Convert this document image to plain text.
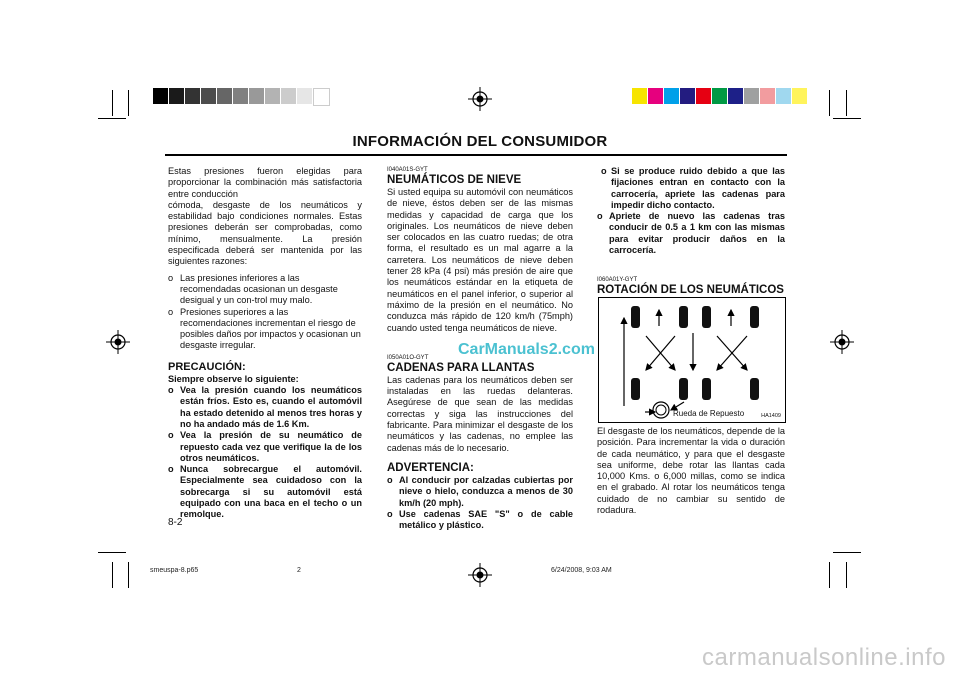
INFORMACIÓN DEL CONSUMIDOR

Estas presiones fueron elegidas para proporcionar la combinación más satisfactoria entre conducción
cómoda, desgaste de los neumáticos y estabilidad bajo condiciones normales. Estas presiones deberán ser comprobadas, como mínimo, mensualmente. La presión especificada deberá ser mantenida por las siguientes razones:

o Las presiones inferiores a las recomendadas ocasionan un desgaste desigual y un con-trol muy malo.
o Presiones superiores a las recomendaciones incrementan el riesgo de posibles daños por impactos y ocasionan un desgaste irregular.

PRECAUCIÓN:

Siempre observe lo siguiente:

o Vea la presión cuando los neumáticos están fríos. Esto es, cuando el automóvil ha estado detenido al menos tres horas y no ha andado más de 1.6 Km.
o Vea la presión de su neumático de repuesto cada vez que verifique la de los otros neumáticos.
o Nunca sobrecargue el automóvil. Especialmente sea cuidadoso con la sobrecarga si su automóvil está equipado con una baca en el techo o un remolque.

I040A01S-GYT

NEUMÁTICOS DE NIEVE

Si usted equipa su automóvil con neumáticos de nieve, éstos deben ser de las mismas medidas y capacidad de carga que los originales. Los neumáticos de nieve deben ser colocados en las cuatro ruedas; de otra forma, el resultado es un mal agarre a la carretera. Los neumáticos de nieve deben tener 28 kPa (4 psi) más presión de aire que los neumáticos estándar en la etiqueta de neumáticos en el panel inferior, o superior al máximo de la presión en el neumático. No conduzca más rápido de 120 km/h (75mph) cuando usted tenga neumáticos de nieve.

I050A01O-GYT

CADENAS PARA LLANTAS

Las cadenas para los neumáticos deben ser instaladas en las ruedas delanteras. Asegúrese de que sean de las medidas correctas y siga las instrucciones del fabricante. Para minimizar el desgaste de los neumáticos y las cadenas, no emplee las cadenas más de lo necesario.

ADVERTENCIA:

o Al conducir por calzadas cubiertas por nieve o hielo, conduzca a menos de 30 km/h (20 mph).
o Use cadenas SAE "S" o de cable metálico y plástico.
o Si se produce ruido debido a que las fijaciones entran en contacto con la carrocería, apriete las cadenas para impedir dicho contacto.
o Apriete de nuevo las cadenas tras conducir de 0.5 a 1 km con las mismas para evitar producir daños en la carrocería.

I060A01Y-GYT

ROTACIÓN DE LOS NEUMÁTICOS

Rueda de Repuesto	HA1409

El desgaste de los neumáticos, depende de la posición. Para incrementar la vida o duración de cada neumático, y para que el desgaste sea uniforme, debe rotar las llantas cada 10,000 Kms. o 6,000 millas, como se indica en el grabado. Al rotar los neumáticos tenga cuidado de no cambiar su sentido de rodadura.

CarManuals2.com
8-2
smeuspa-8.p65	2	6/24/2008, 9:03 AM
carmanualsonline.info
